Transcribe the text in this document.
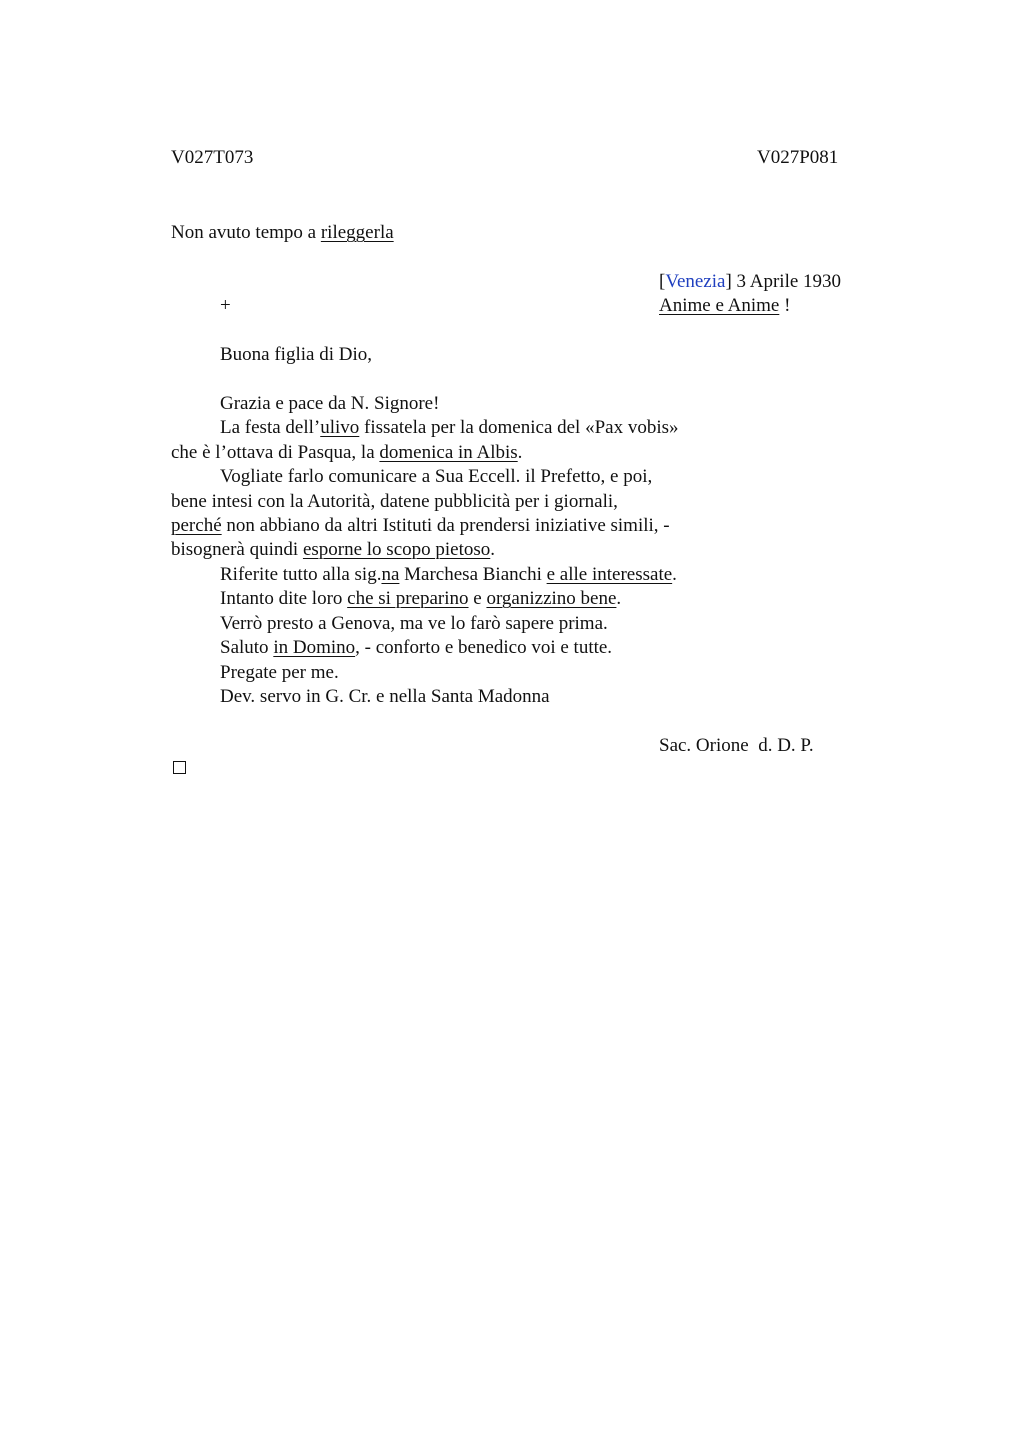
V027T073	V027P081
Non avuto tempo a rileggerla
[Venezia] 3 Aprile 1930
+	Anime e Anime !
Buona figlia di Dio,
Grazia e pace da N. Signore!
La festa dell’ulivo fissatela per la domenica del «Pax vobis»
che è l’ottava di Pasqua, la domenica in Albis.
Vogliate farlo comunicare a Sua Eccell. il Prefetto, e poi,
bene intesi con la Autorità, datene pubblicità per i giornali,
perché non abbiano da altri Istituti da prendersi iniziative simili, -
bisognerà quindi esporne lo scopo pietoso.
Riferite tutto alla sig.na Marchesa Bianchi e alle interessate.
Intanto dite loro che si preparino e organizzino bene.
Verrò presto a Genova, ma ve lo farò sapere prima.
Saluto in Domino, - conforto e benedico voi e tutte.
Pregate per me.
Dev. servo in G. Cr. e nella Santa Madonna
Sac. Orione  d. D. P.
